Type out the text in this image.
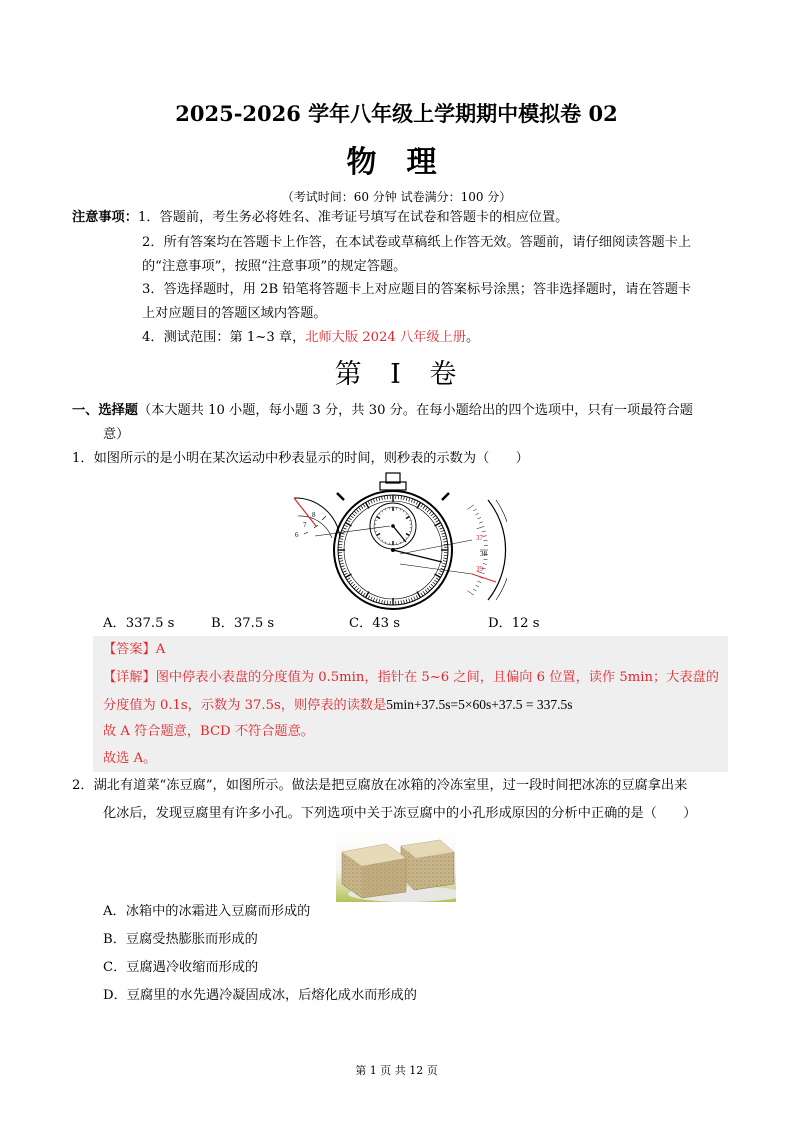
2025-2026 学年八年级上学期期中模拟卷 02
物理
（考试时间：60 分钟 试卷满分：100 分）
注意事项：1．答题前，考生务必将姓名、准考证号填写在试卷和答题卡的相应位置。
2．所有答案均在答题卡上作答，在本试卷或草稿纸上作答无效。答题前，请仔细阅读答题卡上
的“注意事项”，按照“注意事项”的规定答题。
3．答选择题时，用 2B 铅笔将答题卡上对应题目的答案标号涂黑；答非选择题时，请在答题卡
上对应题目的答题区域内答题。
4．测试范围：第 1~3 章，北师大版 2024 八年级上册。
第 I 卷
一、选择题（本大题共 10 小题，每小题 3 分，共 30 分。在每小题给出的四个选项中，只有一项最符合题
意）
1．如图所示的是小明在某次运动中秒表显示的时间，则秒表的示数为（　　）
8
7
6	37
38
39
A．337.5 s	B．37.5 s	C．43 s	D．12 s
【答案】A
【详解】图中停表小表盘的分度值为 0.5min，指针在 5~6 之间，且偏向 6 位置，读作 5min；大表盘的
分度值为 0.1s，示数为 37.5s，则停表的读数是5min+37.5s=5×60s+37.5 = 337.5s
故 A 符合题意，BCD 不符合题意。
故选 A。
2．湖北有道菜“冻豆腐”，如图所示。做法是把豆腐放在冰箱的冷冻室里，过一段时间把冰冻的豆腐拿出来
化冰后，发现豆腐里有许多小孔。下列选项中关于冻豆腐中的小孔形成原因的分析中正确的是（　　）
A．冰箱中的冰霜进入豆腐而形成的
B．豆腐受热膨胀而形成的
C．豆腐遇冷收缩而形成的
D．豆腐里的水先遇冷凝固成冰，后熔化成水而形成的
第 1 页 共 12 页
